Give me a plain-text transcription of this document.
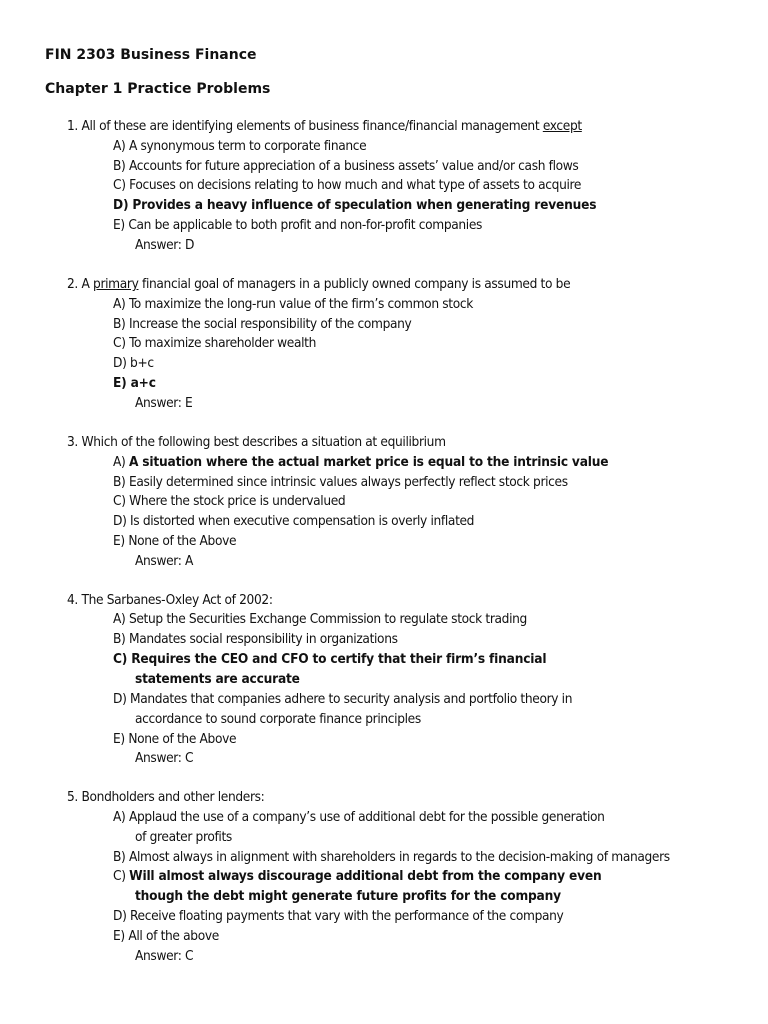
FIN 2303 Business Finance
Chapter 1 Practice Problems
1. All of these are identifying elements of business finance/financial management except
A) A synonymous term to corporate finance
B) Accounts for future appreciation of a business assets’ value and/or cash flows
C) Focuses on decisions relating to how much and what type of assets to acquire
D) Provides a heavy influence of speculation when generating revenues
E) Can be applicable to both profit and non-for-profit companies
Answer: D
2. A primary financial goal of managers in a publicly owned company is assumed to be
A) To maximize the long-run value of the firm’s common stock
B) Increase the social responsibility of the company
C) To maximize shareholder wealth
D) b+c
E) a+c
Answer: E
3. Which of the following best describes a situation at equilibrium
A) A situation where the actual market price is equal to the intrinsic value
B) Easily determined since intrinsic values always perfectly reflect stock prices
C) Where the stock price is undervalued
D) Is distorted when executive compensation is overly inflated
E) None of the Above
Answer: A
4. The Sarbanes-Oxley Act of 2002:
A) Setup the Securities Exchange Commission to regulate stock trading
B) Mandates social responsibility in organizations
C) Requires the CEO and CFO to certify that their firm’s financial
statements are accurate
D) Mandates that companies adhere to security analysis and portfolio theory in
accordance to sound corporate finance principles
E) None of the Above
Answer: C
5. Bondholders and other lenders:
A) Applaud the use of a company’s use of additional debt for the possible generation
of greater profits
B) Almost always in alignment with shareholders in regards to the decision-making of managers
C) Will almost always discourage additional debt from the company even
though the debt might generate future profits for the company
D) Receive floating payments that vary with the performance of the company
E) All of the above
Answer: C
